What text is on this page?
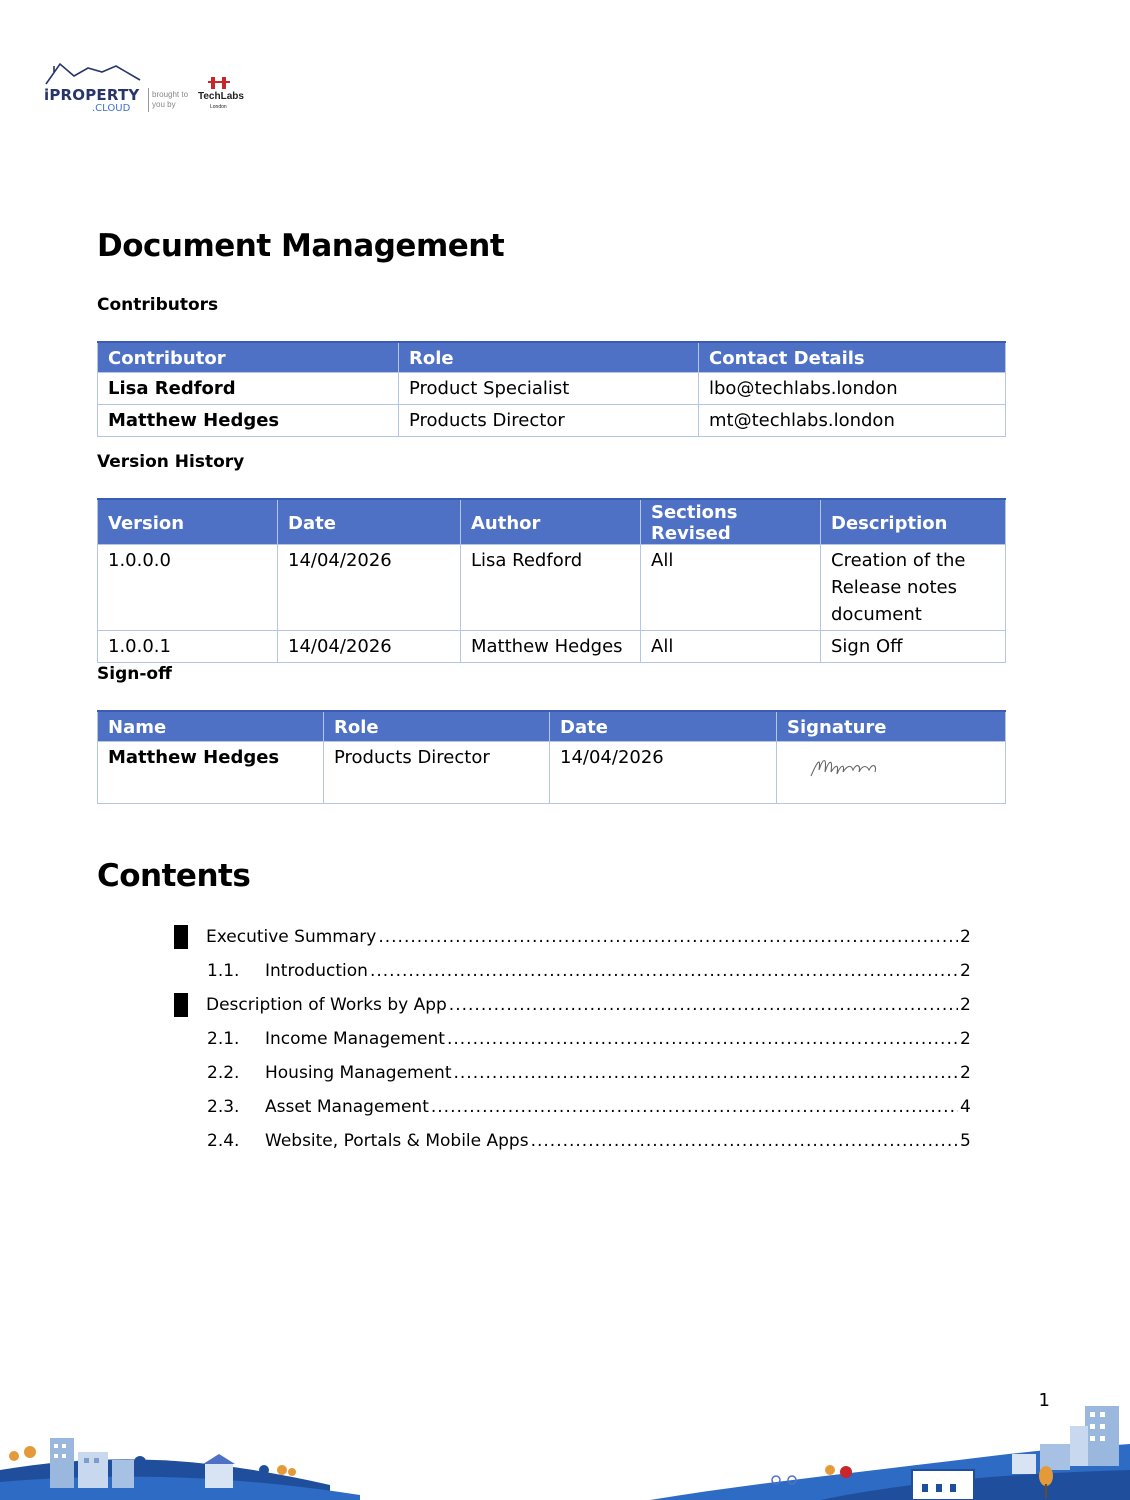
iPROPERTY
.CLOUD
brought to you by
TechLabs
London
Document Management

Contributors

Contributor	Role	Contact Details
Lisa Redford	Product Specialist	lbo@techlabs.london
Matthew Hedges	Products Director	mt@techlabs.london

Version History

Version	Date	Author	Sections Revised	Description
1.0.0.0	14/04/2026	Lisa Redford	All	Creation of the Release notes document
1.0.0.1	14/04/2026	Matthew Hedges	All	Sign Off

Sign-off

Name	Role	Date	Signature
Matthew Hedges	Products Director	14/04/2026	
Contents
Executive Summary .....	2
1.1.	Introduction .....	2
Description of Works by App .....	2
2.1.	Income Management .....	2
2.2.	Housing Management .....	2
2.3.	Asset Management .....	4
2.4.	Website, Portals & Mobile Apps .....	5
1
